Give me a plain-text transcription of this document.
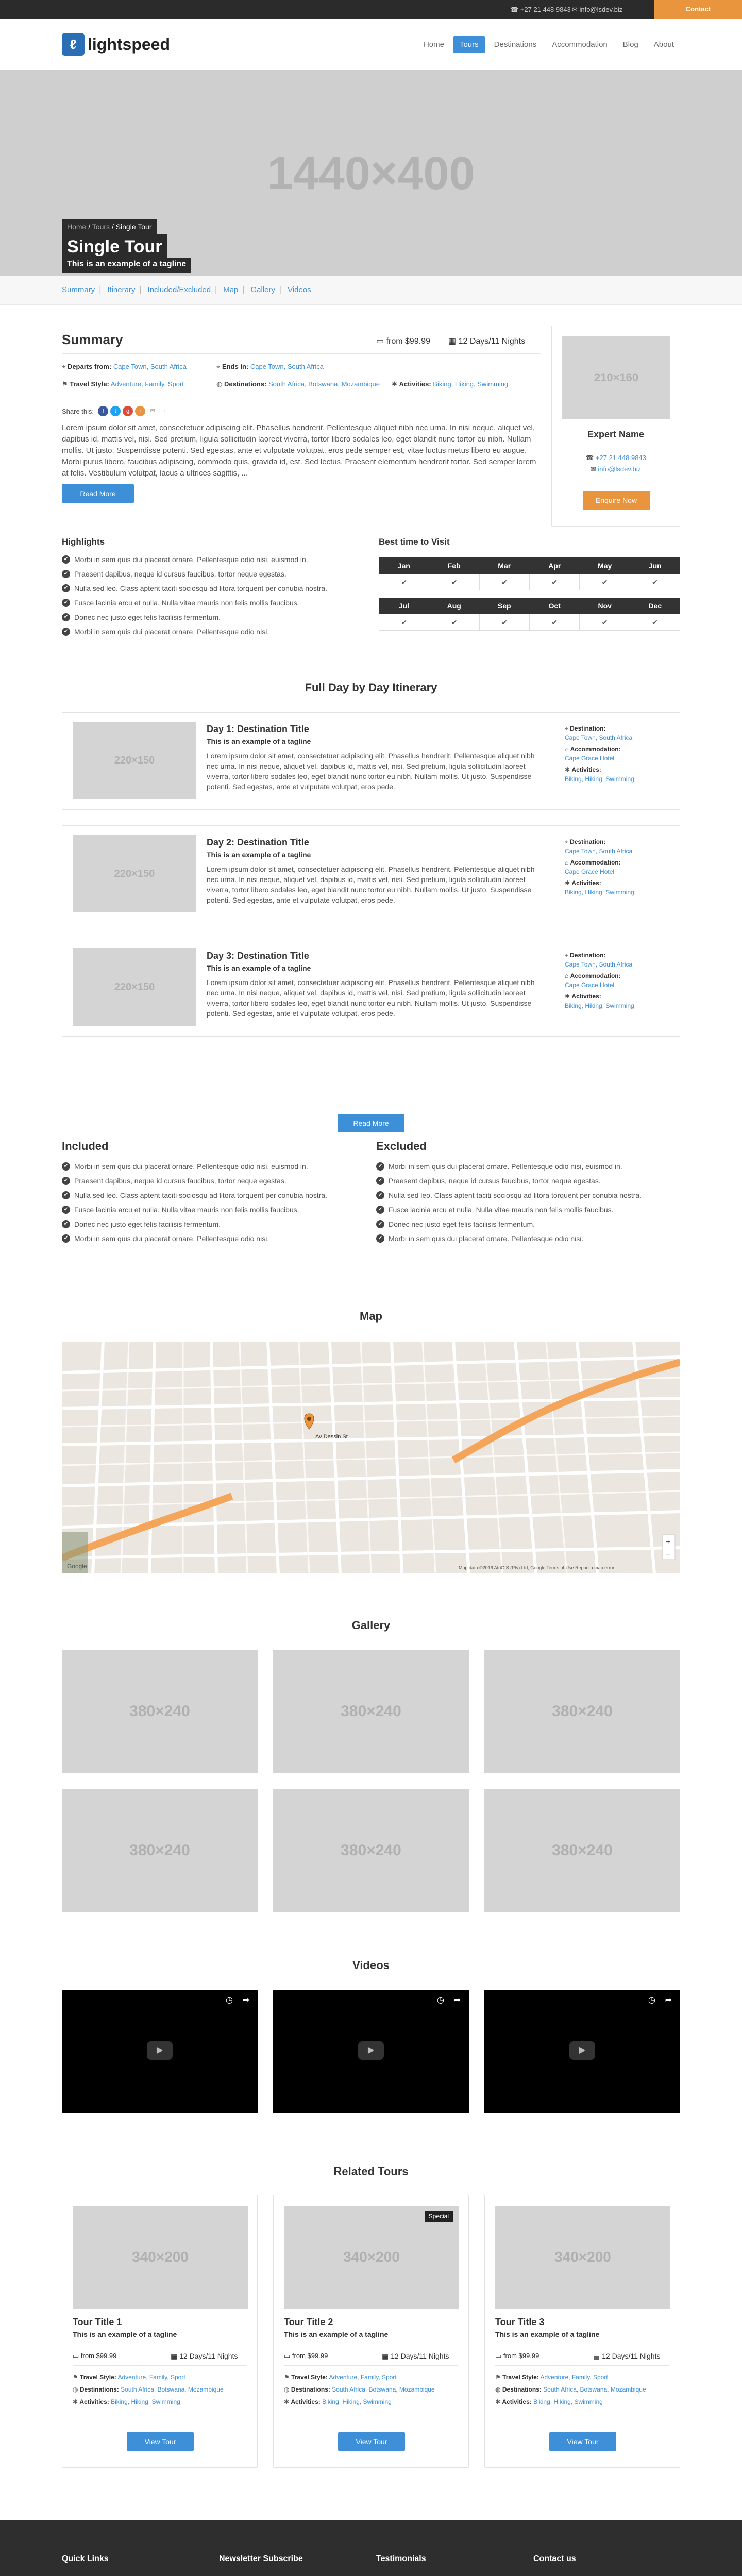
☎ +27 21 448 9843 ✉ info@lsdev.biz	Contact
ℓ lightspeed	Home	Tours	Destinations	Accommodation	Blog	About
1440×400
Home / Tours / Single Tour
Single Tour
This is an example of a tagline
Summary | Itinerary | Included/Excluded | Map | Gallery | Videos
Summary	▭ from $99.99 ▦ 12 Days/11 Nights
⌖ Departs from: Cape Town, South Africa	⌖ Ends in: Cape Town, South Africa
⚑ Travel Style: Adventure, Family, Sport	◍ Destinations: South Africa, Botswana, Mozambique ✱ Activities: Biking, Hiking, Swimming
Share this:	f	t	g	r	✉	+

Lorem ipsum dolor sit amet, consectetuer adipiscing elit. Phasellus hendrerit. Pellentesque aliquet nibh nec urna. In nisi neque, aliquet vel, dapibus id, mattis vel, nisi. Sed pretium, ligula sollicitudin laoreet viverra, tortor libero sodales leo, eget blandit nunc tortor eu nibh. Nullam mollis. Ut justo. Suspendisse potenti. Sed egestas, ante et vulputate volutpat, eros pede semper est, vitae luctus metus libero eu augue. Morbi purus libero, faucibus adipiscing, commodo quis, gravida id, est. Sed lectus. Praesent elementum hendrerit tortor. Sed semper lorem at felis. Vestibulum volutpat, lacus a ultrices sagittis, ...

Read More
210×160
Expert Name
☎ +27 21 448 9843
✉ info@lsdev.biz
Enquire Now
Highlights
✔ Morbi in sem quis dui placerat ornare. Pellentesque odio nisi, euismod in.
✔ Praesent dapibus, neque id cursus faucibus, tortor neque egestas.
✔ Nulla sed leo. Class aptent taciti sociosqu ad litora torquent per conubia nostra.
✔ Fusce lacinia arcu et nulla. Nulla vitae mauris non felis mollis faucibus.
✔ Donec nec justo eget felis facilisis fermentum.
✔ Morbi in sem quis dui placerat ornare. Pellentesque odio nisi.
Best time to Visit
Jan	Feb	Mar	Apr	May	Jun
✔	✔	✔	✔	✔	✔
Jul	Aug	Sep	Oct	Nov	Dec
✔	✔	✔	✔	✔	✔
Full Day by Day Itinerary
220×150
Day 1: Destination Title
This is an example of a tagline

Lorem ipsum dolor sit amet, consectetuer adipiscing elit. Phasellus hendrerit. Pellentesque aliquet nibh nec urna. In nisi neque, aliquet vel, dapibus id, mattis vel, nisi. Sed pretium, ligula sollicitudin laoreet viverra, tortor libero sodales leo, eget blandit nunc tortor eu nibh. Nullam mollis. Ut justo. Suspendisse potenti. Sed egestas, ante et vulputate volutpat, eros pede.

⌖ Destination:
Cape Town, South Africa
⌂ Accommodation:
Cape Grace Hotel
✱ Activities:
Biking, Hiking, Swimming
220×150
Day 2: Destination Title
This is an example of a tagline

Lorem ipsum dolor sit amet, consectetuer adipiscing elit. Phasellus hendrerit. Pellentesque aliquet nibh nec urna. In nisi neque, aliquet vel, dapibus id, mattis vel, nisi. Sed pretium, ligula sollicitudin laoreet viverra, tortor libero sodales leo, eget blandit nunc tortor eu nibh. Nullam mollis. Ut justo. Suspendisse potenti. Sed egestas, ante et vulputate volutpat, eros pede.

⌖ Destination:
Cape Town, South Africa
⌂ Accommodation:
Cape Grace Hotel
✱ Activities:
Biking, Hiking, Swimming
220×150
Day 3: Destination Title
This is an example of a tagline

Lorem ipsum dolor sit amet, consectetuer adipiscing elit. Phasellus hendrerit. Pellentesque aliquet nibh nec urna. In nisi neque, aliquet vel, dapibus id, mattis vel, nisi. Sed pretium, ligula sollicitudin laoreet viverra, tortor libero sodales leo, eget blandit nunc tortor eu nibh. Nullam mollis. Ut justo. Suspendisse potenti. Sed egestas, ante et vulputate volutpat, eros pede.

⌖ Destination:
Cape Town, South Africa
⌂ Accommodation:
Cape Grace Hotel
✱ Activities:
Biking, Hiking, Swimming
Read More
Included
✔ Morbi in sem quis dui placerat ornare. Pellentesque odio nisi, euismod in.
✔ Praesent dapibus, neque id cursus faucibus, tortor neque egestas.
✔ Nulla sed leo. Class aptent taciti sociosqu ad litora torquent per conubia nostra.
✔ Fusce lacinia arcu et nulla. Nulla vitae mauris non felis mollis faucibus.
✔ Donec nec justo eget felis facilisis fermentum.
✔ Morbi in sem quis dui placerat ornare. Pellentesque odio nisi.
Excluded
✔ Morbi in sem quis dui placerat ornare. Pellentesque odio nisi, euismod in.
✔ Praesent dapibus, neque id cursus faucibus, tortor neque egestas.
✔ Nulla sed leo. Class aptent taciti sociosqu ad litora torquent per conubia nostra.
✔ Fusce lacinia arcu et nulla. Nulla vitae mauris non felis mollis faucibus.
✔ Donec nec justo eget felis facilisis fermentum.
✔ Morbi in sem quis dui placerat ornare. Pellentesque odio nisi.
Map
Av Dessin St
Google	Map data ©2016 AfriGIS (Pty) Ltd, Google Terms of Use Report a map error
+
−
Gallery
380×240	380×240	380×240
380×240	380×240	380×240
Videos
◷ ➦
▶
◷ ➦
▶
◷ ➦
▶
Related Tours
340×200
Tour Title 1
This is an example of a tagline
▭ from $99.99	▦ 12 Days/11 Nights
⚑ Travel Style: Adventure, Family, Sport
◍ Destinations: South Africa, Botswana, Mozambique
✱ Activities: Biking, Hiking, Swimming
View Tour
340×200
Special
Tour Title 2
This is an example of a tagline
▭ from $99.99	▦ 12 Days/11 Nights
⚑ Travel Style: Adventure, Family, Sport
◍ Destinations: South Africa, Botswana, Mozambique
✱ Activities: Biking, Hiking, Swimming
View Tour
340×200
Tour Title 3
This is an example of a tagline
▭ from $99.99	▦ 12 Days/11 Nights
⚑ Travel Style: Adventure, Family, Sport
◍ Destinations: South Africa, Botswana, Mozambique
✱ Activities: Biking, Hiking, Swimming
View Tour
Quick Links	Newsletter Subscribe	Testimonials	Contact us
